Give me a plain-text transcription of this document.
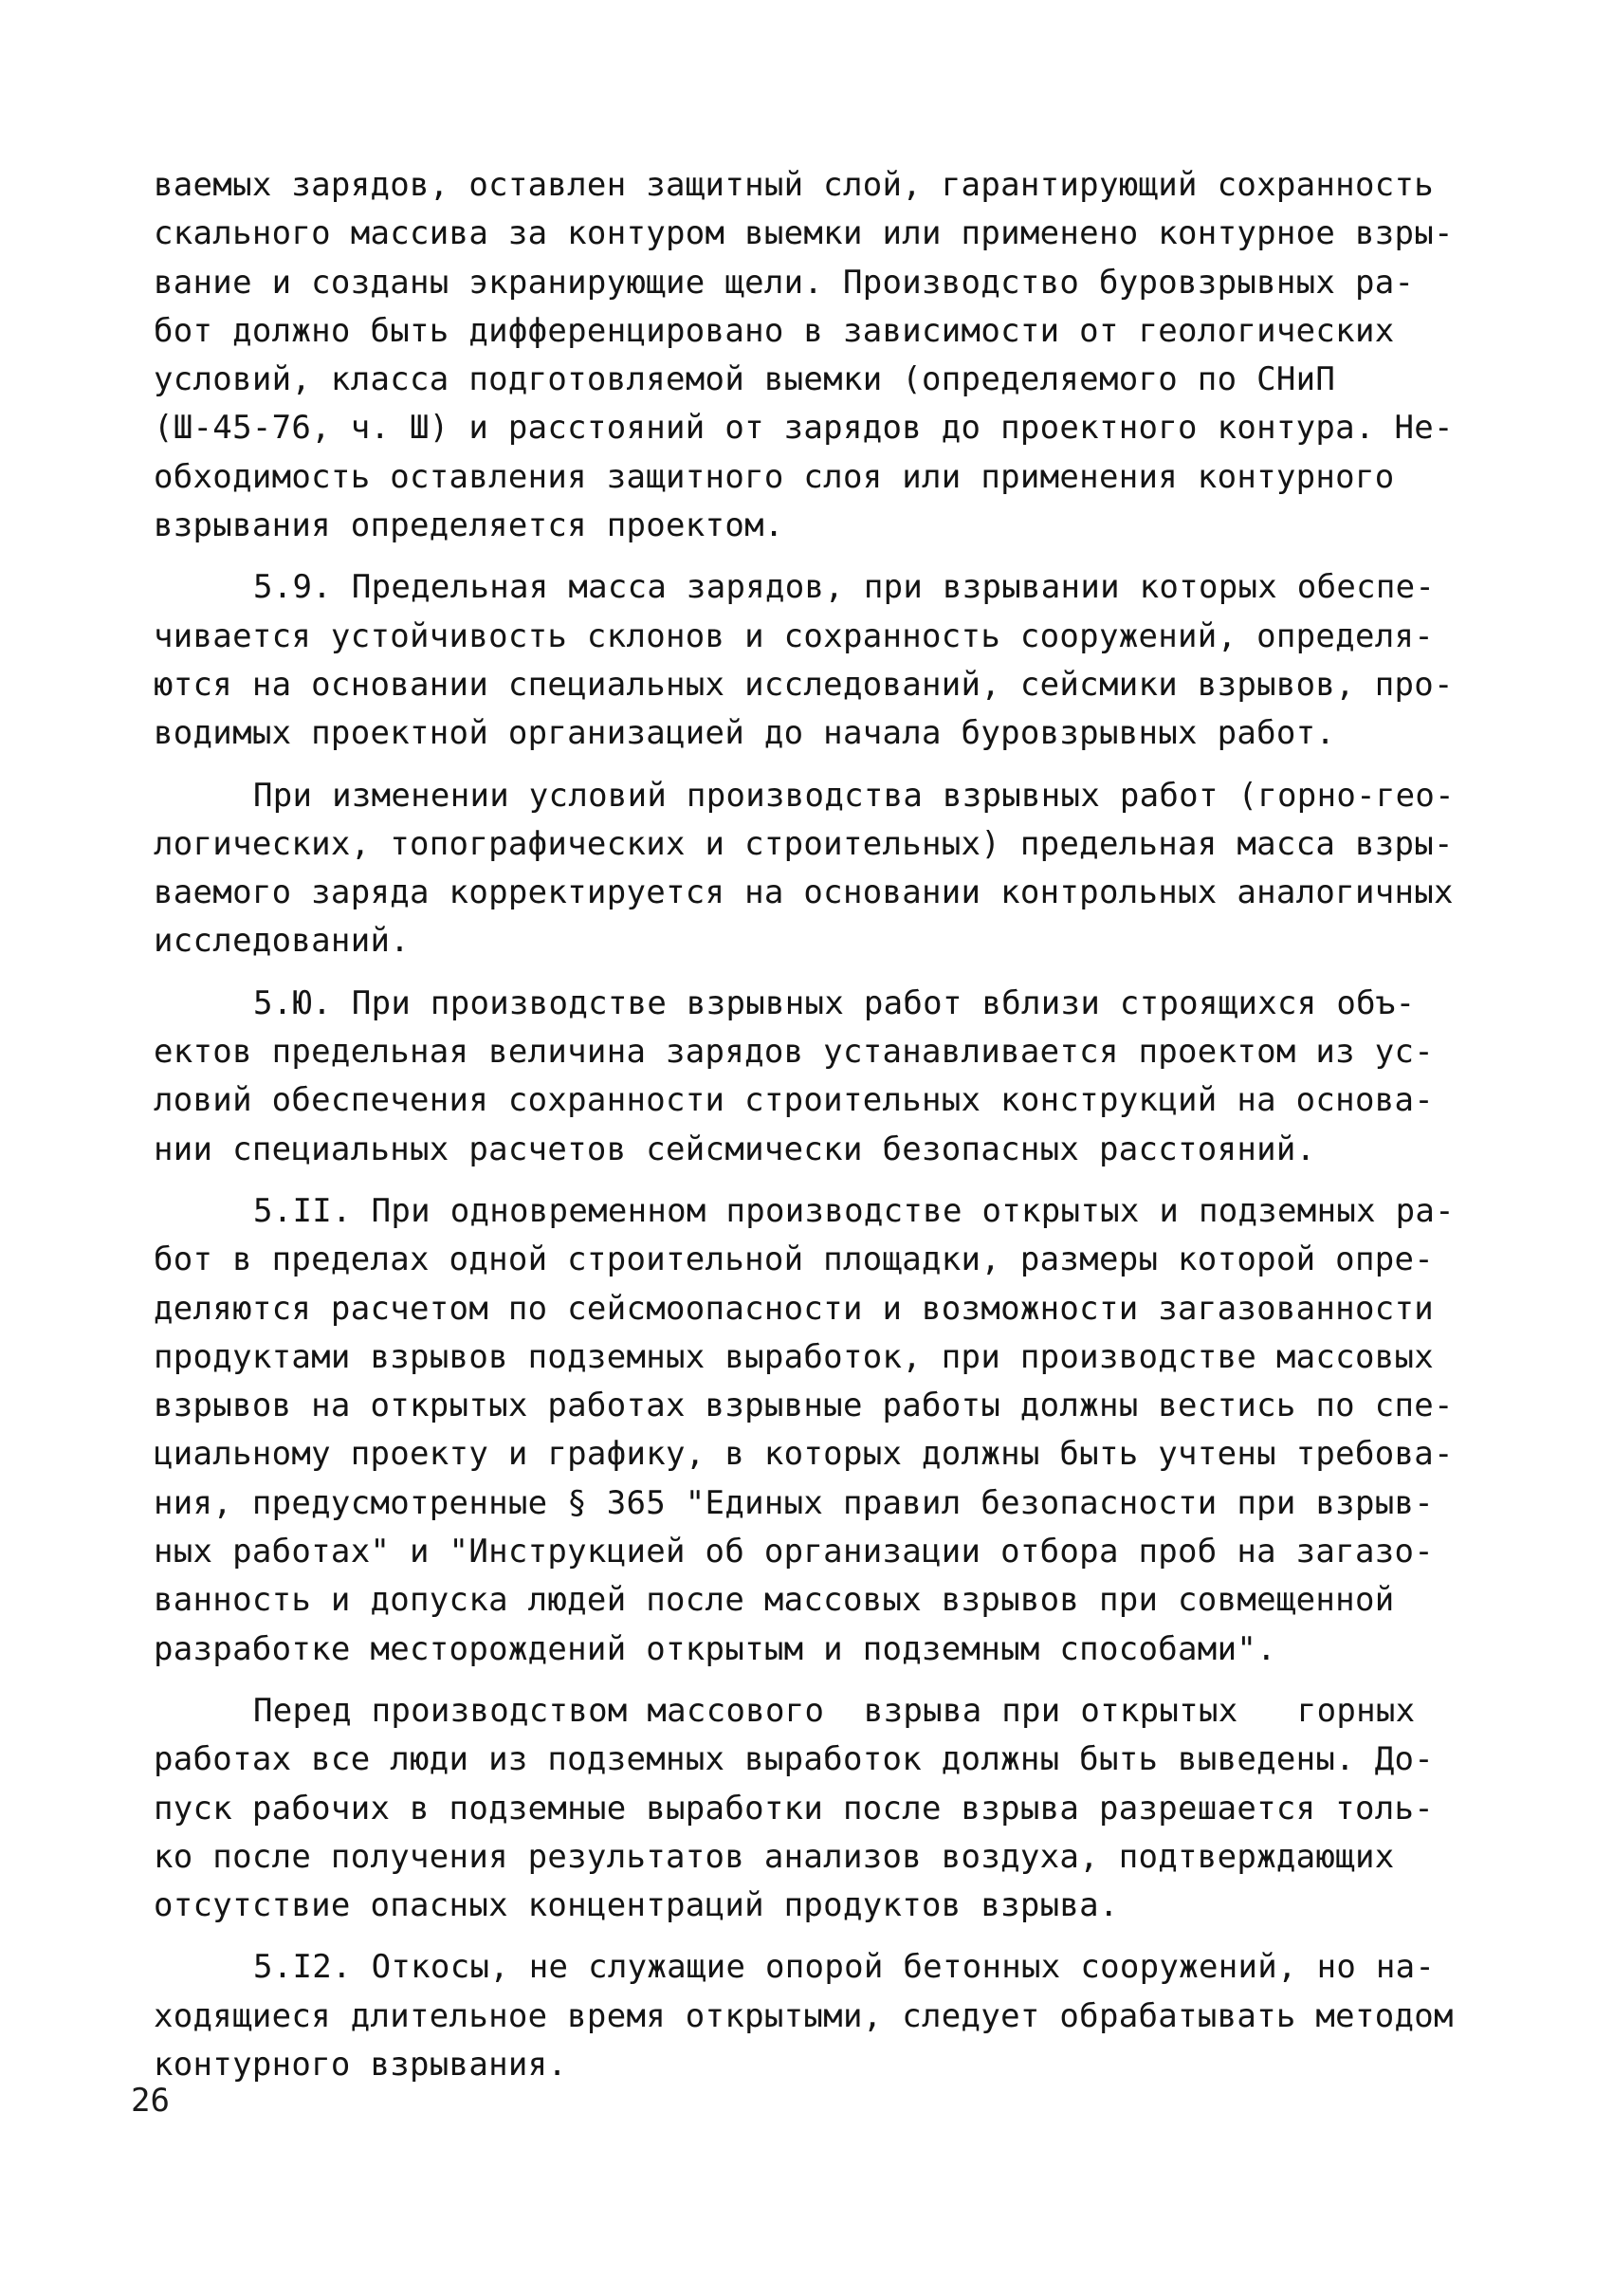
ваемых зарядов, оставлен защитный слой, гарантирующий сохранность
скального массива за контуром выемки или применено контурное взры-
вание и созданы экранирующие щели. Производство буровзрывных ра-
бот должно быть дифференцировано в зависимости от геологических
условий, класса подготовляемой выемки (определяемого по СНиП
(Ш-45-76, ч. Ш) и расстояний от зарядов до проектного контура. Не-
обходимость оставления защитного слоя или применения контурного
взрывания определяется проектом.
5.9. Предельная масса зарядов, при взрывании которых обеспе-
чивается устойчивость склонов и сохранность сооружений, определя-
ются на основании специальных исследований, сейсмики взрывов, про-
водимых проектной организацией до начала буровзрывных работ.
При изменении условий производства взрывных работ (горно-гео-
логических, топографических и строительных) предельная масса взры-
ваемого заряда корректируется на основании контрольных аналогичных
исследований.
5.Ю. При производстве взрывных работ вблизи строящихся объ-
ектов предельная величина зарядов устанавливается проектом из ус-
ловий обеспечения сохранности строительных конструкций на основа-
нии специальных расчетов сейсмически безопасных расстояний.
5.II. При одновременном производстве открытых и подземных ра-
бот в пределах одной строительной площадки, размеры которой опре-
деляются расчетом по сейсмоопасности и возможности загазованности
продуктами взрывов подземных выработок, при производстве массовых
взрывов на открытых работах взрывные работы должны вестись по спе-
циальному проекту и графику, в которых должны быть учтены требова-
ния, предусмотренные § 365 "Единых правил безопасности при взрыв-
ных работах" и "Инструкцией об организации отбора проб на загазо-
ванность и допуска людей после массовых взрывов при совмещенной
разработке месторождений открытым и подземным способами".
Перед производством массового  взрыва при открытых   горных
работах все люди из подземных выработок должны быть выведены. До-
пуск рабочих в подземные выработки после взрыва разрешается толь-
ко после получения результатов анализов воздуха, подтверждающих
отсутствие опасных концентраций продуктов взрыва.
5.I2. Откосы, не служащие опорой бетонных сооружений, но на-
ходящиеся длительное время открытыми, следует обрабатывать методом
контурного взрывания.
26
